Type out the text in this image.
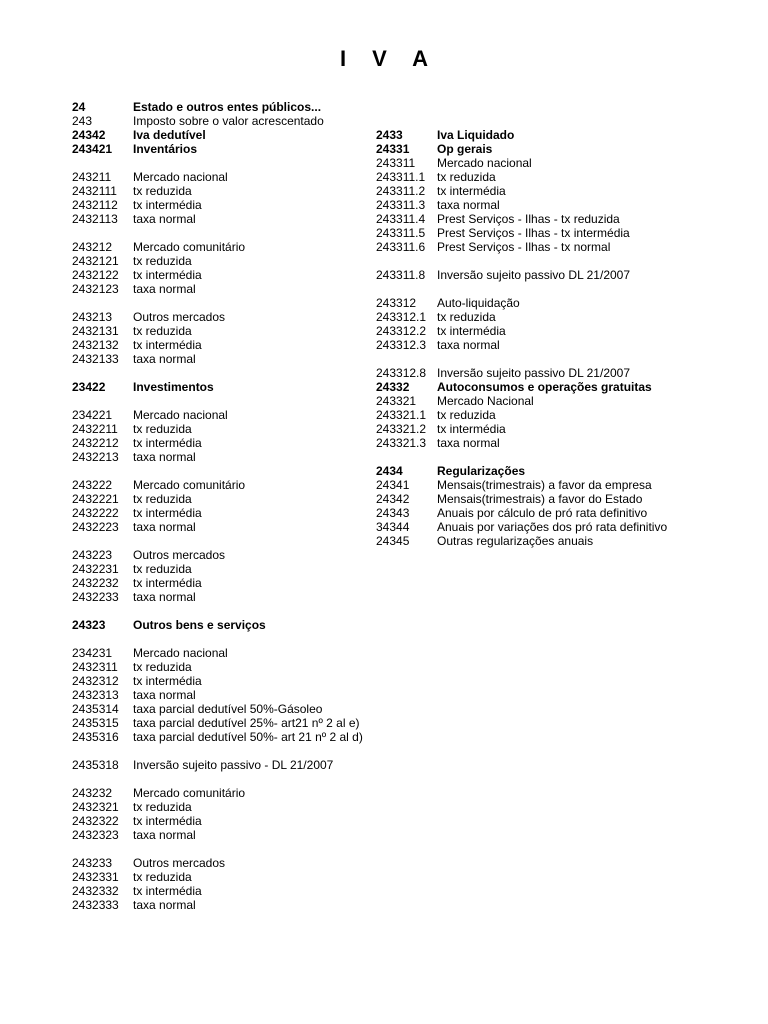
I V A
24	Estado e outros entes públicos...
243	Imposto sobre o valor acrescentado
24342	Iva dedutível
243421	Inventários
243211	Mercado nacional
2432111	tx reduzida
2432112	tx intermédia
2432113	taxa normal
243212	Mercado comunitário
2432121	tx reduzida
2432122	tx intermédia
2432123	taxa normal
243213	Outros mercados
2432131	tx reduzida
2432132	tx intermédia
2432133	taxa normal
23422	Investimentos
234221	Mercado nacional
2432211	tx reduzida
2432212	tx intermédia
2432213	taxa normal
243222	Mercado comunitário
2432221	tx reduzida
2432222	tx intermédia
2432223	taxa normal
243223	Outros mercados
2432231	tx reduzida
2432232	tx intermédia
2432233	taxa normal
24323	Outros bens e serviços
234231	Mercado nacional
2432311	tx reduzida
2432312	tx intermédia
2432313	taxa normal
2435314	taxa parcial dedutível 50%-Gásoleo
2435315	taxa parcial dedutível 25%- art21 nº 2 al e)
2435316	taxa parcial dedutível 50%- art 21 nº 2 al d)
2435318	Inversão sujeito passivo - DL 21/2007
243232	Mercado comunitário
2432321	tx reduzida
2432322	tx intermédia
2432323	taxa normal
243233	Outros mercados
2432331	tx reduzida
2432332	tx intermédia
2432333	taxa normal
2433	Iva Liquidado
24331	Op gerais
243311	Mercado nacional
243311.1 tx reduzida
243311.2 tx intermédia
243311.3 taxa normal
243311.4 Prest Serviços - Ilhas - tx reduzida
243311.5 Prest Serviços - Ilhas - tx intermédia
243311.6 Prest Serviços - Ilhas - tx normal
243311.8 Inversão sujeito passivo DL 21/2007
243312	Auto-liquidação
243312.1 tx reduzida
243312.2 tx intermédia
243312.3 taxa normal
243312.8 Inversão sujeito passivo DL 21/2007
24332	Autoconsumos e operações gratuitas
243321	Mercado Nacional
243321.1 tx reduzida
243321.2 tx intermédia
243321.3 taxa normal
2434	Regularizações
24341	Mensais(trimestrais) a favor da empresa
24342	Mensais(trimestrais) a favor do Estado
24343	Anuais por cálculo de pró rata definitivo
34344	Anuais por variações dos pró rata definitivo
24345	Outras regularizações anuais
